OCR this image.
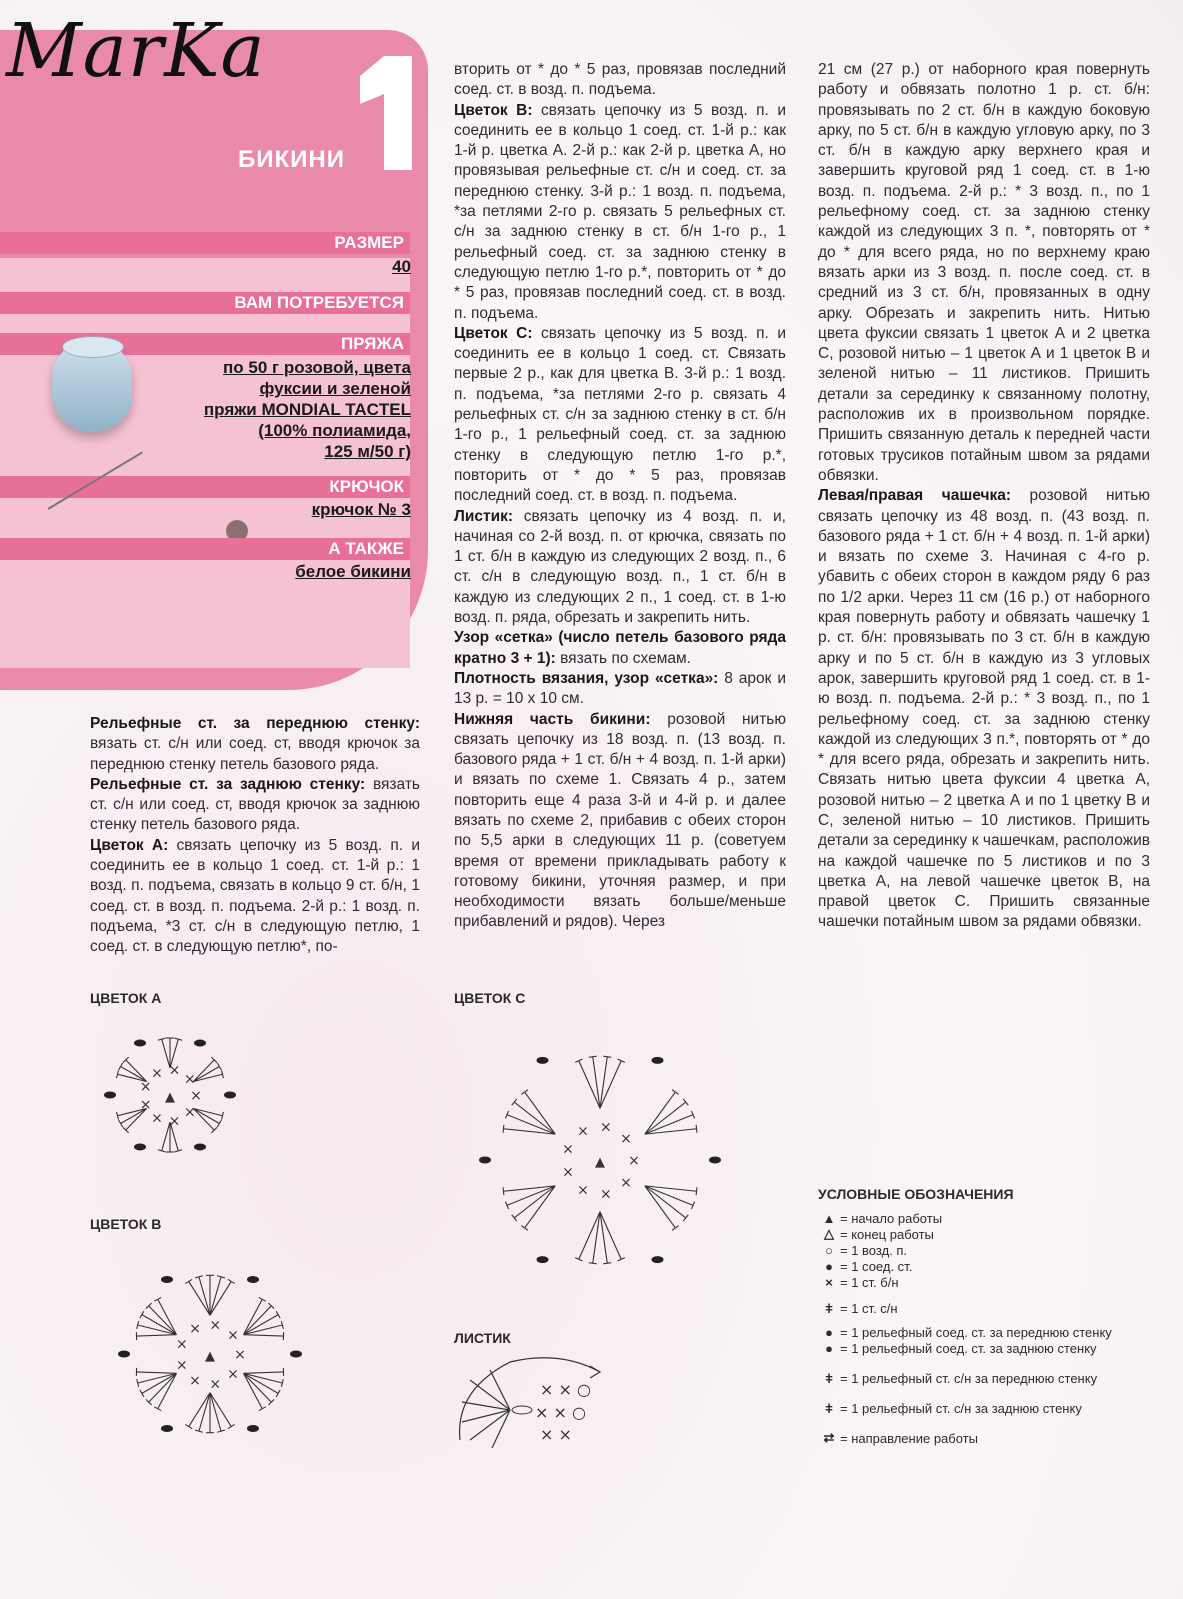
MarKa
БИКИНИ
РАЗМЕР
40
ВАМ ПОТРЕБУЕТСЯ
ПРЯЖА
по 50 г розовой, цвета
фуксии и зеленой
пряжи MONDIAL TACTEL
(100% полиамида,
125 м/50 г)
КРЮЧОК
крючок № 3
А ТАКЖЕ
белое бикини

Рельефные ст. за переднюю стенку: вязать ст. с/н или соед. ст, вводя крючок за переднюю стенку петель базового ряда.

Рельефные ст. за заднюю стенку: вязать ст. с/н или соед. ст, вводя крючок за заднюю стенку петель базового ряда.

Цветок А: связать цепочку из 5 возд. п. и соединить ее в кольцо 1 соед. ст. 1-й р.: 1 возд. п. подъема, связать в кольцо 9 ст. б/н, 1 соед. ст. в возд. п. подъема. 2-й р.: 1 возд. п. подъема, *3 ст. с/н в следующую петлю, 1 соед. ст. в следующую петлю*, по-

вторить от * до * 5 раз, провязав последний соед. ст. в возд. п. подъема.

Цветок В: связать цепочку из 5 возд. п. и соединить ее в кольцо 1 соед. ст. 1-й р.: как 1-й р. цветка А. 2-й р.: как 2-й р. цветка А, но провязывая рельефные ст. с/н и соед. ст. за переднюю стенку. 3-й р.: 1 возд. п. подъема, *за петлями 2-го р. связать 5 рельефных ст. с/н за заднюю стенку в ст. б/н 1-го р., 1 рельефный соед. ст. за заднюю стенку в следующую петлю 1-го р.*, повторить от * до * 5 раз, провязав последний соед. ст. в возд. п. подъема.

Цветок С: связать цепочку из 5 возд. п. и соединить ее в кольцо 1 соед. ст. Связать первые 2 р., как для цветка В. 3-й р.: 1 возд. п. подъема, *за петлями 2-го р. связать 4 рельефных ст. с/н за заднюю стенку в ст. б/н 1-го р., 1 рельефный соед. ст. за заднюю стенку в следующую петлю 1-го р.*, повторить от * до * 5 раз, провязав последний соед. ст. в возд. п. подъема.

Листик: связать цепочку из 4 возд. п. и, начиная со 2-й возд. п. от крючка, связать по 1 ст. б/н в каждую из следующих 2 возд. п., 6 ст. с/н в следующую возд. п., 1 ст. б/н в каждую из следующих 2 п., 1 соед. ст. в 1-ю возд. п. ряда, обрезать и закрепить нить.

Узор «сетка» (число петель базового ряда кратно 3 + 1): вязать по схемам.

Плотность вязания, узор «сетка»: 8 арок и 13 р. = 10 х 10 см.

Нижняя часть бикини: розовой нитью связать цепочку из 18 возд. п. (13 возд. п. базового ряда + 1 ст. б/н + 4 возд. п. 1-й арки) и вязать по схеме 1. Связать 4 р., затем повторить еще 4 раза 3-й и 4-й р. и далее вязать по схеме 2, прибавив с обеих сторон по 5,5 арки в следующих 11 р. (советуем время от времени прикладывать работу к готовому бикини, уточняя размер, и при необходимости вязать больше/меньше прибавлений и рядов). Через

21 см (27 р.) от наборного края повернуть работу и обвязать полотно 1 р. ст. б/н: провязывать по 2 ст. б/н в каждую боковую арку, по 5 ст. б/н в каждую угловую арку, по 3 ст. б/н в каждую арку верхнего края и завершить круговой ряд 1 соед. ст. в 1-ю возд. п. подъема. 2-й р.: * 3 возд. п., по 1 рельефному соед. ст. за заднюю стенку каждой из следующих 3 п. *, повторять от * до * для всего ряда, но по верхнему краю вязать арки из 3 возд. п. после соед. ст. в средний из 3 ст. б/н, провязанных в одну арку. Обрезать и закрепить нить. Нитью цвета фуксии связать 1 цветок А и 2 цветка С, розовой нитью – 1 цветок А и 1 цветок В и зеленой нитью – 11 листиков. Пришить детали за серединку к связанному полотну, расположив их в произвольном порядке. Пришить связанную деталь к передней части готовых трусиков потайным швом за рядами обвязки.

Левая/правая чашечка: розовой нитью связать цепочку из 48 возд. п. (43 возд. п. базового ряда + 1 ст. б/н + 4 возд. п. 1-й арки) и вязать по схеме 3. Начиная с 4-го р. убавить с обеих сторон в каждом ряду 6 раз по 1/2 арки. Через 11 см (16 р.) от наборного края повернуть работу и обвязать чашечку 1 р. ст. б/н: провязывать по 3 ст. б/н в каждую арку и по 5 ст. б/н в каждую из 3 угловых арок, завершить круговой ряд 1 соед. ст. в 1-ю возд. п. подъема. 2-й р.: * 3 возд. п., по 1 рельефному соед. ст. за заднюю стенку каждой из следующих 3 п.*, повторять от * до * для всего ряда, обрезать и закрепить нить. Связать нитью цвета фуксии 4 цветка А, розовой нитью – 2 цветка А и по 1 цветку В и С, зеленой нитью – 10 листиков. Пришить детали за серединку к чашечкам, расположив на каждой чашечке по 5 листиков и по 3 цветка А, на левой чашечке цветок В, на правой цветок С. Пришить связанные чашечки потайным швом за рядами обвязки.

ЦВЕТОК А
ЦВЕТОК В
ЦВЕТОК С
ЛИСТИК
×
×
×
×
×
×
× ×
×
▲
×
×
×
×
×
×
× ×
×
▲
×
×
×
×
×
×
× ×
×
▲
× × ○
× ×
× × ○
УСЛОВНЫЕ ОБОЗНАЧЕНИЯ
▲ = начало работы
△ = конец работы
○ = 1 возд. п.
● = 1 соед. ст.
× = 1 ст. б/н
ǂ = 1 ст. с/н
● = 1 рельефный соед. ст. за переднюю стенку
● = 1 рельефный соед. ст. за заднюю стенку
ǂ = 1 рельефный ст. с/н за переднюю стенку
ǂ = 1 рельефный ст. с/н за заднюю стенку
⇄ = направление работы
